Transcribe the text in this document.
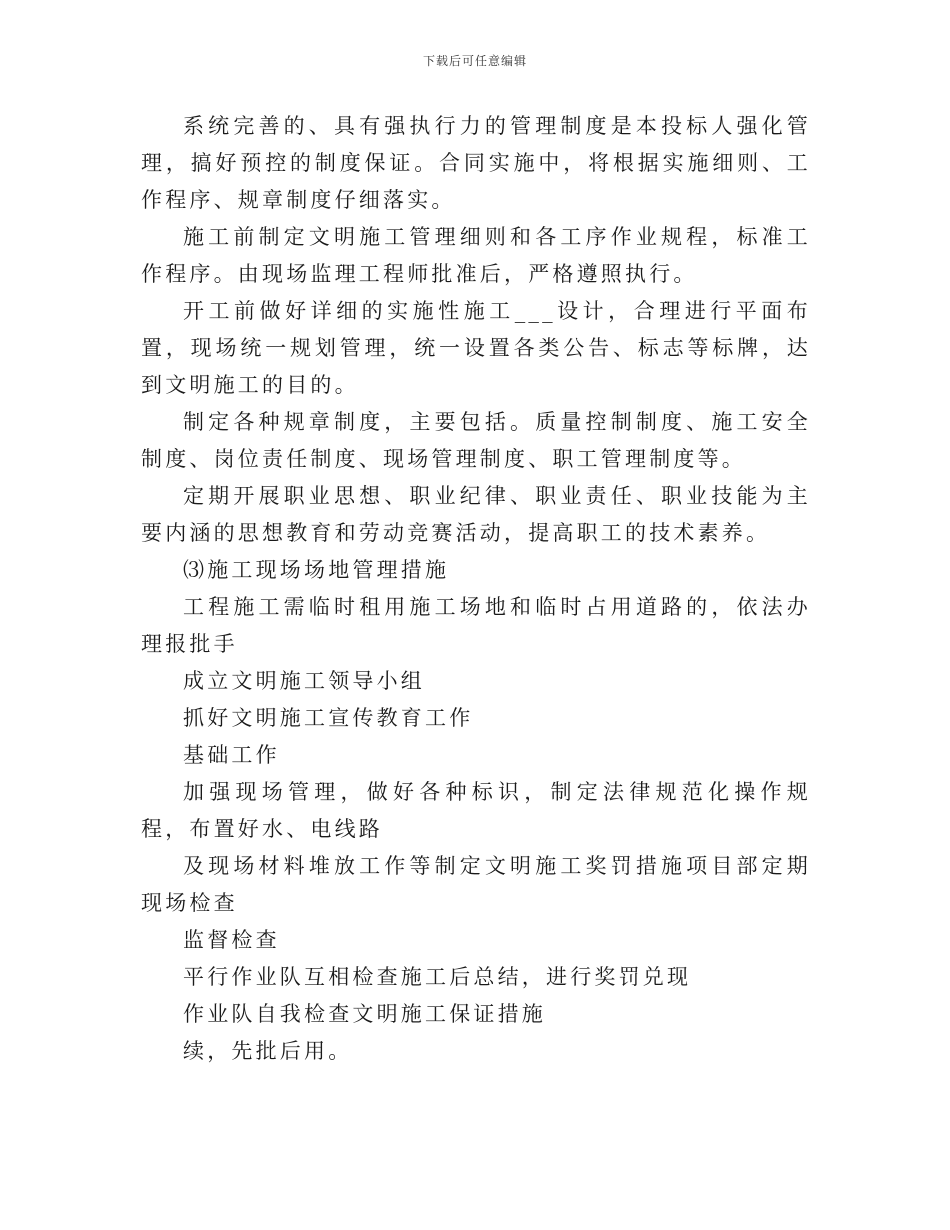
下载后可任意编辑

系统完善的、具有强执行力的管理制度是本投标人强化管理，搞好预控的制度保证。合同实施中，将根据实施细则、工作程序、规章制度仔细落实。

施工前制定文明施工管理细则和各工序作业规程，标准工作程序。由现场监理工程师批准后，严格遵照执行。

开工前做好详细的实施性施工___设计，合理进行平面布置，现场统一规划管理，统一设置各类公告、标志等标牌，达到文明施工的目的。

制定各种规章制度，主要包括。质量控制制度、施工安全制度、岗位责任制度、现场管理制度、职工管理制度等。

定期开展职业思想、职业纪律、职业责任、职业技能为主要内涵的思想教育和劳动竞赛活动，提高职工的技术素养。

⑶施工现场场地管理措施

工程施工需临时租用施工场地和临时占用道路的，依法办理报批手

成立文明施工领导小组

抓好文明施工宣传教育工作

基础工作

加强现场管理，做好各种标识，制定法律规范化操作规程，布置好水、电线路

及现场材料堆放工作等制定文明施工奖罚措施项目部定期现场检查

监督检查

平行作业队互相检查施工后总结，进行奖罚兑现

作业队自我检查文明施工保证措施

续，先批后用。
